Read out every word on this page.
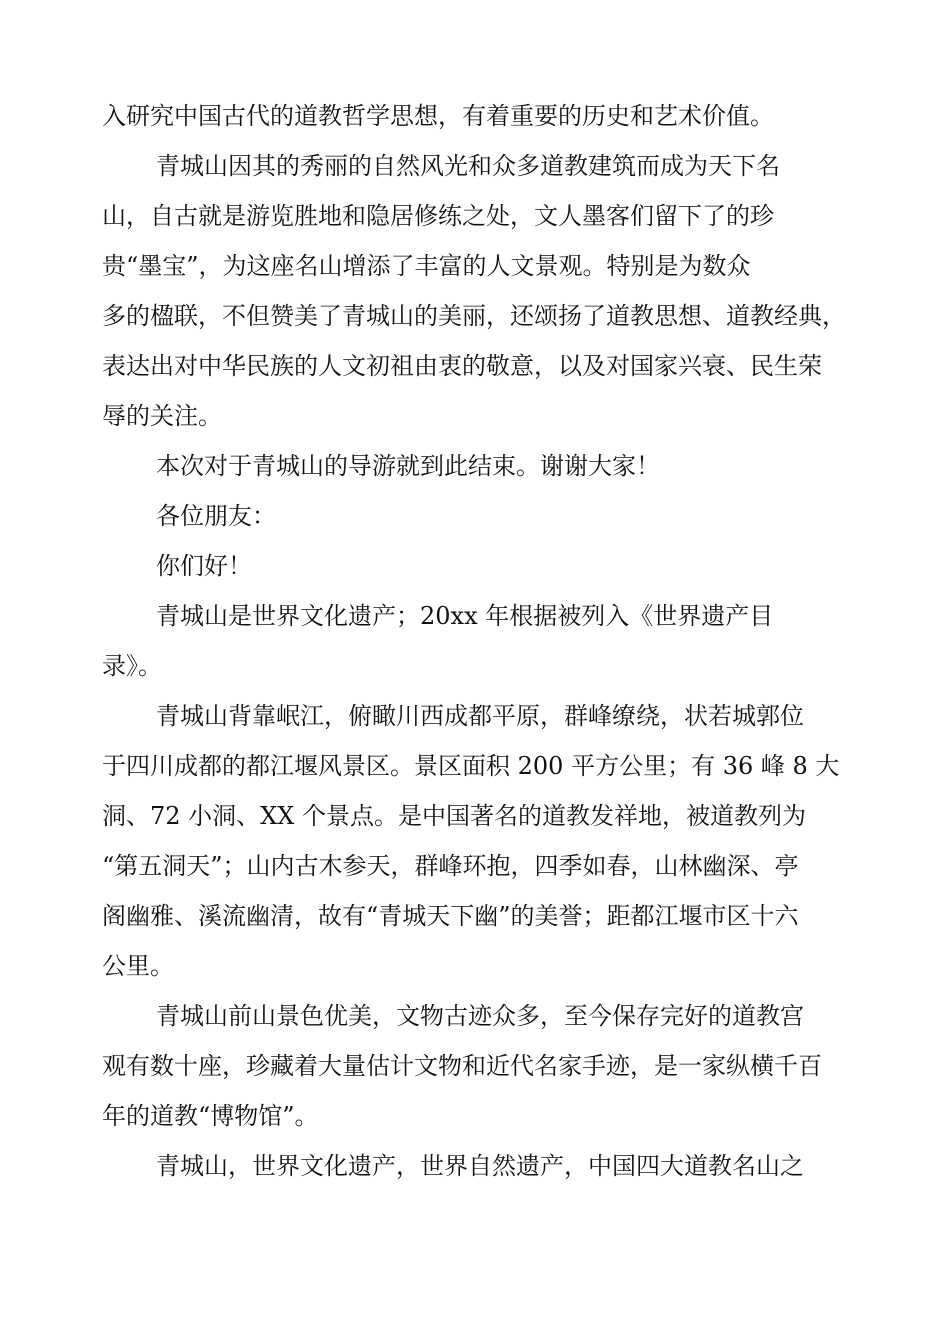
入研究中国古代的道教哲学思想，有着重要的历史和艺术价值。
青城山因其的秀丽的自然风光和众多道教建筑而成为天下名
山，自古就是游览胜地和隐居修练之处，文人墨客们留下了的珍
贵“墨宝”，为这座名山增添了丰富的人文景观。特别是为数众
多的楹联，不但赞美了青城山的美丽，还颂扬了道教思想、道教经典，
表达出对中华民族的人文初祖由衷的敬意，以及对国家兴衰、民生荣
辱的关注。
本次对于青城山的导游就到此结束。谢谢大家！
各位朋友：
你们好！
青城山是世界文化遗产；20xx 年根据被列入《世界遗产目
录》。
青城山背靠岷江，俯瞰川西成都平原，群峰缭绕，状若城郭位
于四川成都的都江堰风景区。景区面积 200 平方公里；有 36 峰 8 大
洞、72 小洞、XX 个景点。是中国著名的道教发祥地，被道教列为
“第五洞天”；山内古木参天，群峰环抱，四季如春，山林幽深、亭
阁幽雅、溪流幽清，故有“青城天下幽”的美誉；距都江堰市区十六
公里。
青城山前山景色优美，文物古迹众多，至今保存完好的道教宫
观有数十座，珍藏着大量估计文物和近代名家手迹，是一家纵横千百
年的道教“博物馆”。
青城山，世界文化遗产，世界自然遗产，中国四大道教名山之
